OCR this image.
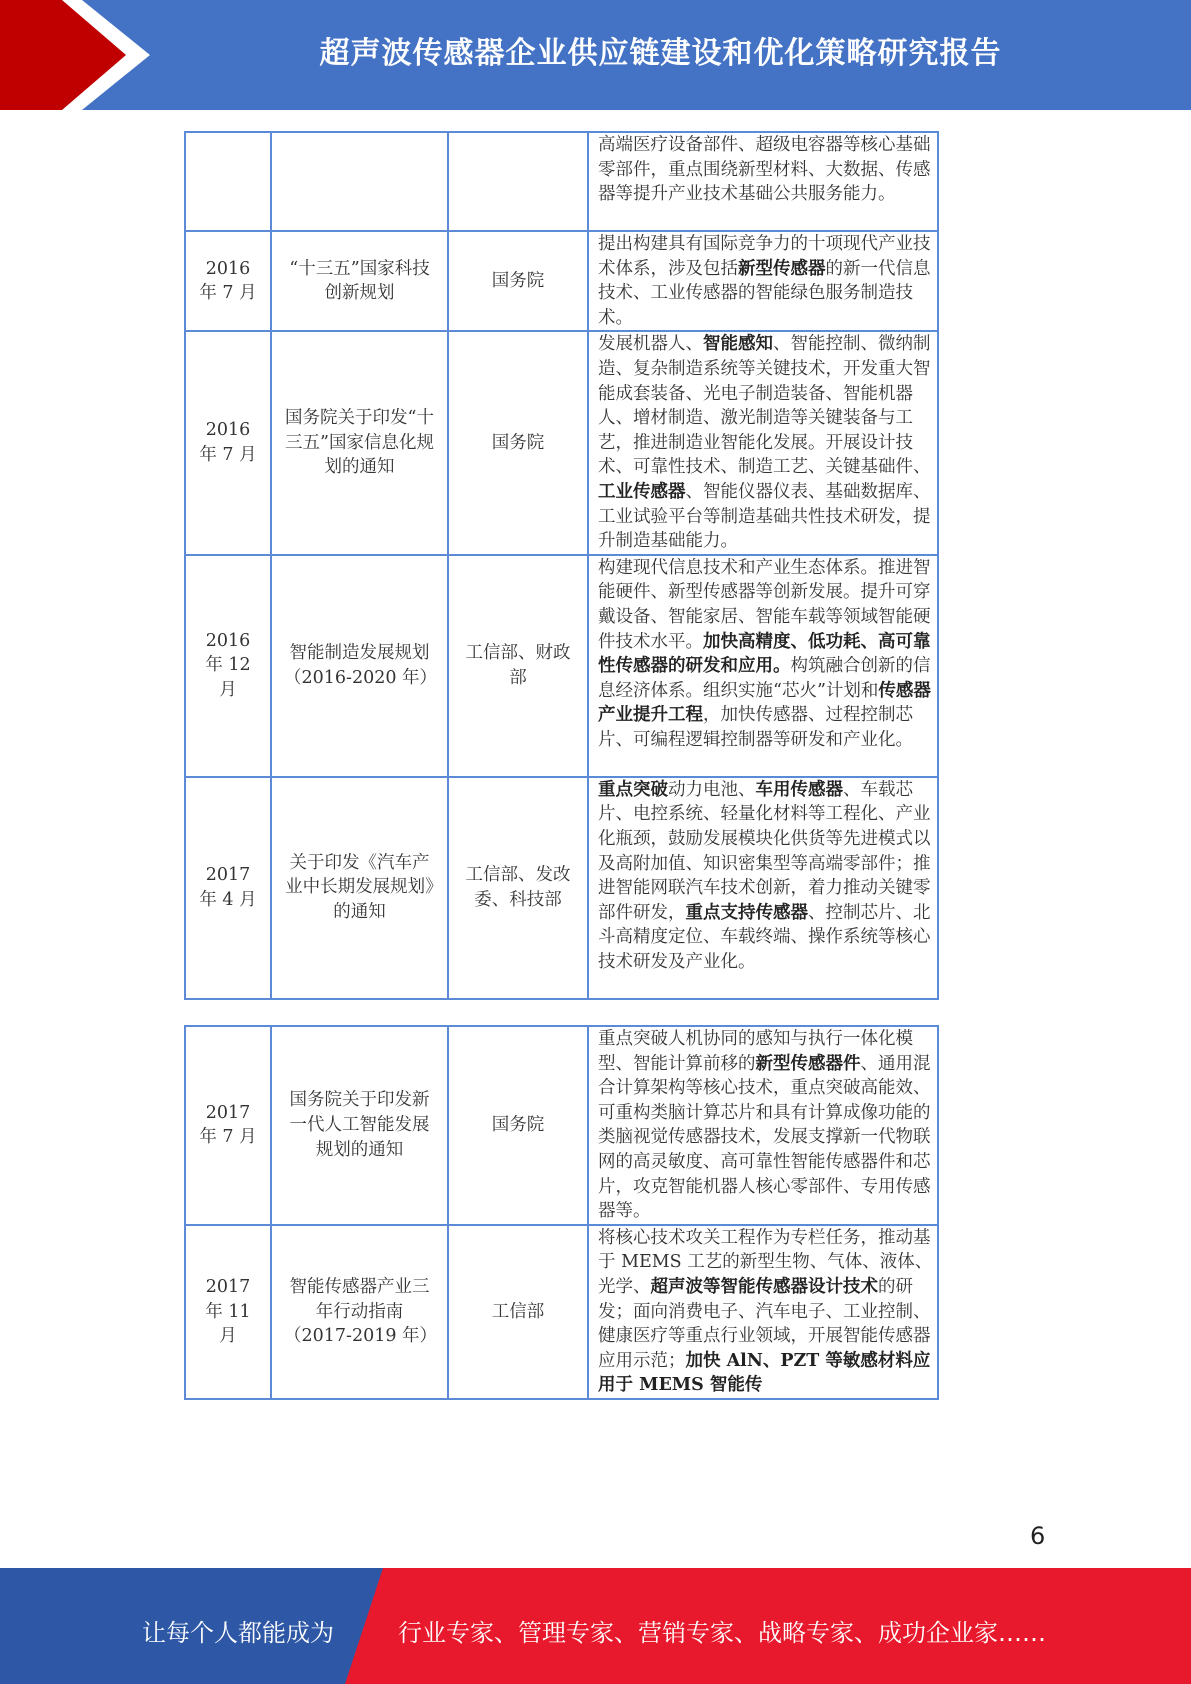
超声波传感器企业供应链建设和优化策略研究报告
			高端医疗设备部件、超级电容器等核心基础零部件，重点围绕新型材料、大数据、传感器等提升产业技术基础公共服务能力。

2016 年 7 月	“十三五”国家科技创新规划	国务院	提出构建具有国际竞争力的十项现代产业技术体系，涉及包括新型传感器的新一代信息技术、工业传感器的智能绿色服务制造技术。

2016 年 7 月	国务院关于印发“十三五”国家信息化规划的通知	国务院	发展机器人、智能感知、智能控制、微纳制造、复杂制造系统等关键技术，开发重大智能成套装备、光电子制造装备、智能机器人、增材制造、激光制造等关键装备与工艺，推进制造业智能化发展。开展设计技术、可靠性技术、制造工艺、关键基础件、工业传感器、智能仪器仪表、基础数据库、工业试验平台等制造基础共性技术研发，提升制造基础能力。

2016 年 12 月	智能制造发展规划（2016-2020 年）	工信部、财政部	构建现代信息技术和产业生态体系。推进智能硬件、新型传感器等创新发展。提升可穿戴设备、智能家居、智能车载等领域智能硬件技术水平。加快高精度、低功耗、高可靠性传感器的研发和应用。构筑融合创新的信息经济体系。组织实施“芯火”计划和传感器产业提升工程，加快传感器、过程控制芯片、可编程逻辑控制器等研发和产业化。

2017 年 4 月	关于印发《汽车产业中长期发展规划》的通知	工信部、发改委、科技部	重点突破动力电池、车用传感器、车载芯片、电控系统、轻量化材料等工程化、产业化瓶颈，鼓励发展模块化供货等先进模式以及高附加值、知识密集型等高端零部件；推进智能网联汽车技术创新，着力推动关键零部件研发，重点支持传感器、控制芯片、北斗高精度定位、车载终端、操作系统等核心技术研发及产业化。
2017 年 7 月	国务院关于印发新一代人工智能发展规划的通知	国务院	重点突破人机协同的感知与执行一体化模型、智能计算前移的新型传感器件、通用混合计算架构等核心技术，重点突破高能效、可重构类脑计算芯片和具有计算成像功能的类脑视觉传感器技术，发展支撑新一代物联网的高灵敏度、高可靠性智能传感器件和芯片，攻克智能机器人核心零部件、专用传感器等。

2017 年 11 月	智能传感器产业三年行动指南（2017-2019 年）	工信部	将核心技术攻关工程作为专栏任务，推动基于 MEMS 工艺的新型生物、气体、液体、光学、超声波等智能传感器设计技术的研发；面向消费电子、汽车电子、工业控制、健康医疗等重点行业领域，开展智能传感器应用示范；加快 AlN、PZT 等敏感材料应用于 MEMS 智能传
6
让每个人都能成为	行业专家、管理专家、营销专家、战略专家、成功企业家……
